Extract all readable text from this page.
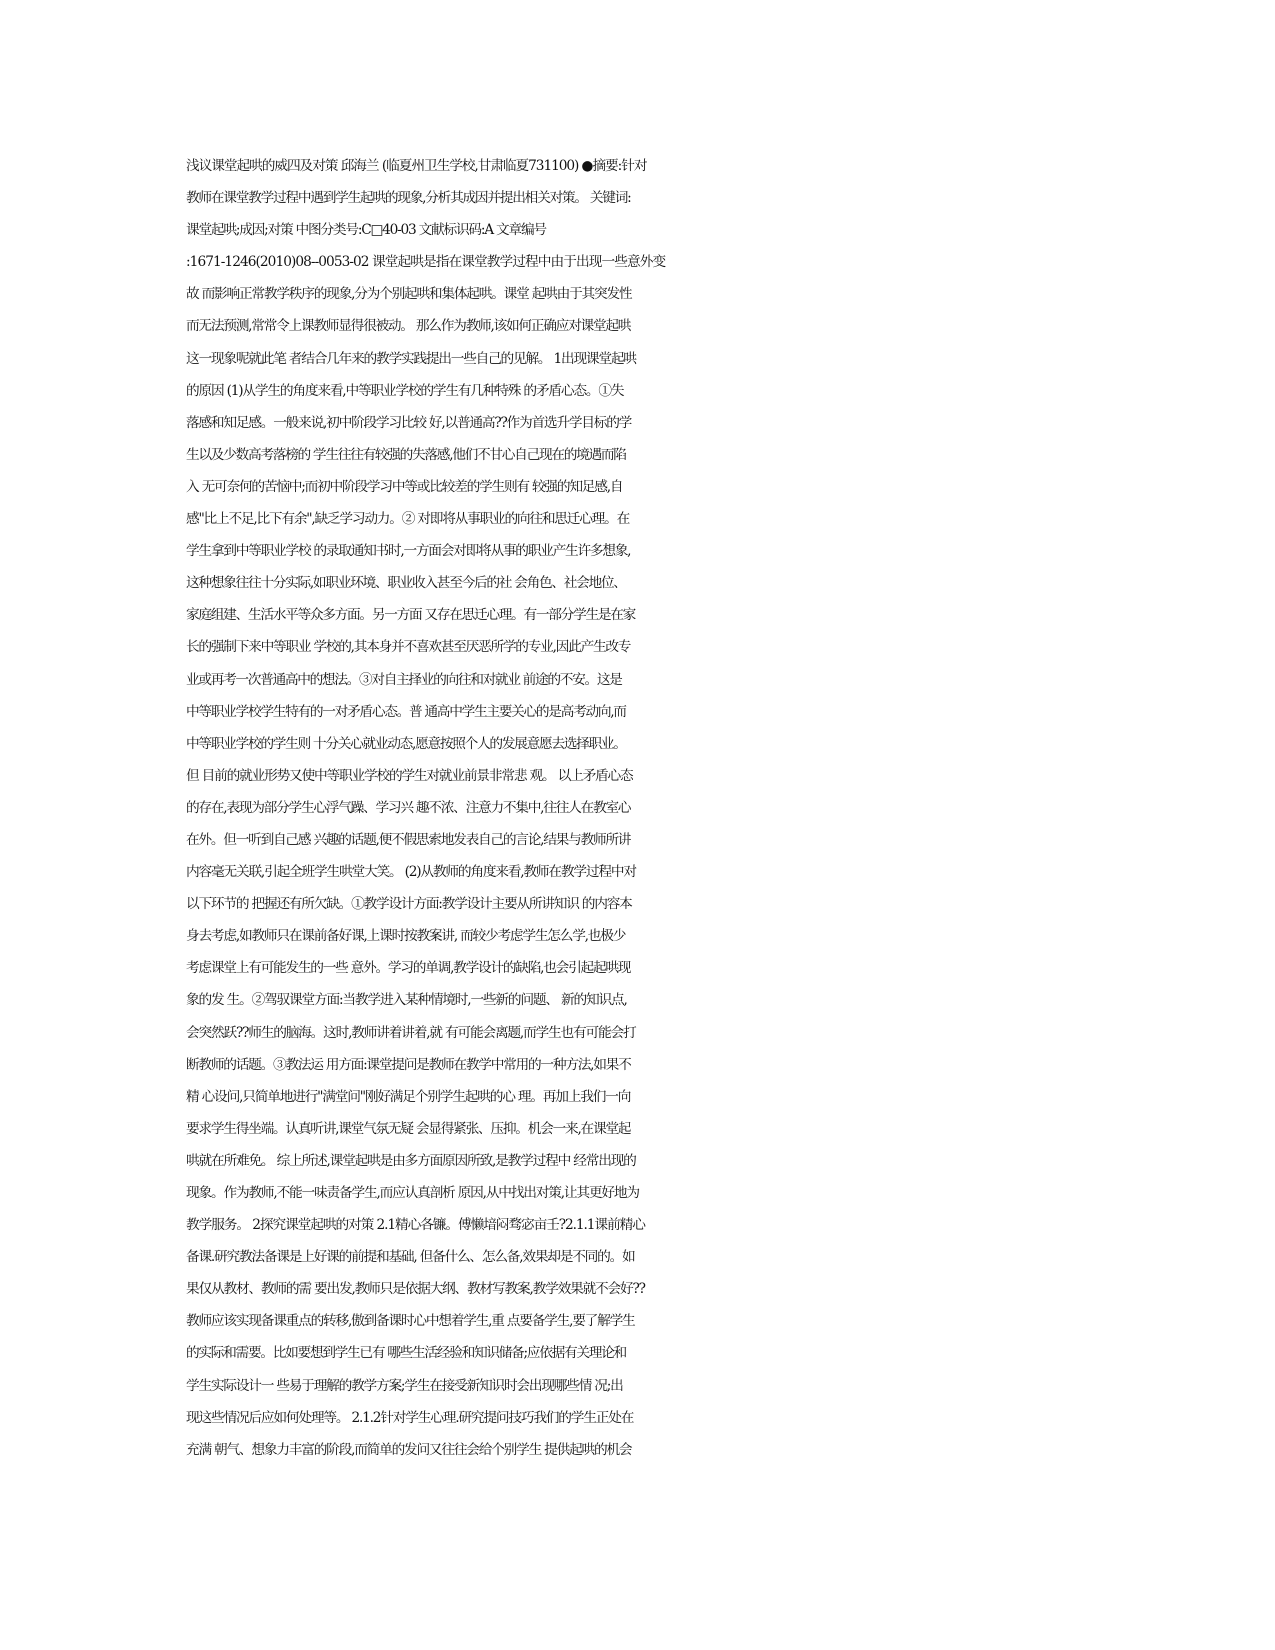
浅议课堂起哄的威四及对策 邱海兰 (临夏州卫生学校,甘肃临夏731100) ●摘要:针对
教师在课堂教学过程中遇到学生起哄的现象,分析其成因并提出相关对策。 关键词:
课堂起哄;成因;对策 中图分类号:C□40-03 文献标识码:A 文章编号
:1671-1246(2010)08--0053-02 课堂起哄是指在课堂教学过程中由于出现一些意外变
故 而影响正常教学秩序的现象,分为个别起哄和集体起哄。课堂 起哄由于其突发性
而无法预测,常常令上课教师显得很被动。 那么作为教师,该如何正确应对课堂起哄
这一现象呢就此笔 者结合几年来的教学实践提出一些自己的见解。 1出现课堂起哄
的原因 (1)从学生的角度来看,中等职业学校的学生有几种特殊 的矛盾心态。①失
落感和知足感。一般来说,初中阶段学习比较 好,以普通高??作为首选升学目标的学
生以及少数高考落榜的 学生往往有较强的失落感,他们不甘心自己现在的境遇而陷
入 无可奈何的苦恼中;而初中阶段学习中等或比较差的学生则有 较强的知足感,自
感"比上不足,比下有余",缺乏学习动力。② 对即将从事职业的向往和思迁心理。在
学生拿到中等职业学校 的录取通知书时,一方面会对即将从事的职业产生许多想象,
这种想象往往十分实际,如职业环境、职业收入甚至今后的社 会角色、社会地位、
家庭组建、生活水平等众多方面。另一方面 又存在思迁心理。有一部分学生是在家
长的强制下来中等职业 学校的,其本身并不喜欢甚至厌恶所学的专业,因此产生改专
业或再考一次普通高中的想法。③对自主择业的向往和对就业 前途的不安。这是
中等职业学校学生特有的一对矛盾心态。普 通高中学生主要关心的是高考动向,而
中等职业学校的学生则 十分关心就业动态,愿意按照个人的发展意愿去选择职业。
但 目前的就业形势又使中等职业学校的学生对就业前景非常悲 观。 以上矛盾心态
的存在,表现为部分学生心浮气躁、学习兴 趣不浓、注意力不集中,往往人在教室心
在外。但一听到自己感 兴趣的话题,便不假思索地发表自己的言论,结果与教师所讲
内容毫无关联,引起全班学生哄堂大笑。 (2)从教师的角度来看,教师在教学过程中对
以下环节的 把握还有所欠缺。①教学设计方面:教学设计主要从所讲知识 的内容本
身去考虑,如教师只在课前备好课,上课时按教案讲, 而较少考虑学生怎么学,也极少
考虑课堂上有可能发生的一些 意外。学习的单调,教学设计的缺陷,也会引起起哄现
象的发 生。②驾驭课堂方面:当教学进入某种情境时,一些新的问题、 新的知识点,
会突然跃??师生的脑海。这时,教师讲着讲着,就 有可能会离题,而学生也有可能会打
断教师的话题。③教法运 用方面:课堂提问是教师在教学中常用的一种方法,如果不
精 心设问,只简单地进行"满堂问"刚好满足个别学生起哄的心 理。再加上我们一向
要求学生得坐端。认真听讲,课堂气氛无疑 会显得紧张、压抑。机会一来,在课堂起
哄就在所难免。 综上所述,课堂起哄是由多方面原因所致,是教学过程中 经常出现的
现象。作为教师,不能一味责备学生,而应认真剖析 原因,从中找出对策,让其更好地为
教学服务。 2探究课堂起哄的对策 2.1精心各镰。傅懒堷闷骛宓亩壬?2.1.1课前精心
备课.研究教法备课是上好课的前提和基础, 但备什么、怎么备,效果却是不同的。如
果仅从教材、教师的需 要出发,教师只是依据大纲、教材写教案,教学效果就不会好??
教师应该实现备课重点的转移,傲到备课时心中想着学生,重 点要备学生,要了解学生
的实际和需要。比如要想到学生已有 哪些生活经验和知识储备;应依据有关理论和
学生实际设计一 些易于理解的教学方案;学生在接受新知识时会出现哪些情 况;出
现这些情况后应如何处理等。 2.1.2针对学生心理.研究提问技巧我们的学生正处在
充满 朝气、想象力丰富的阶段,而简单的发问又往往会给个别学生 提供起哄的机会
